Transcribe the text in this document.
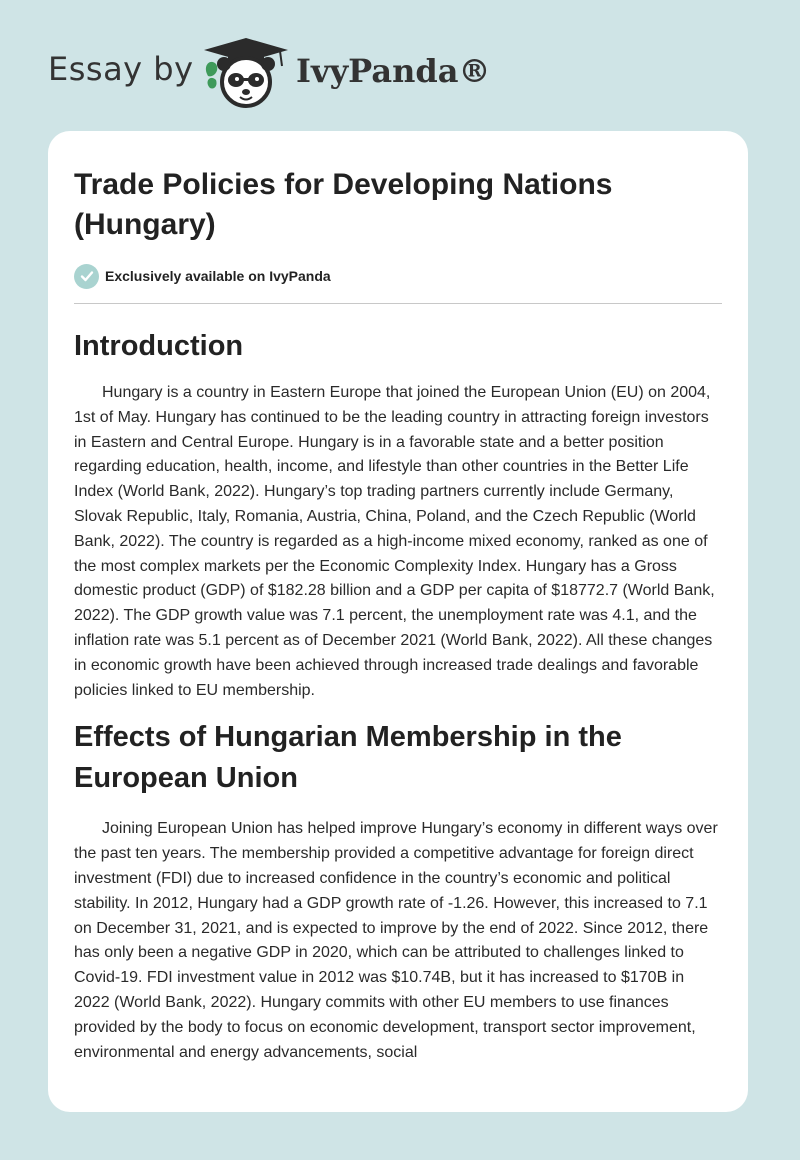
Essay by	IvyPanda®
Trade Policies for Developing Nations (Hungary)
Exclusively available on IvyPanda
Introduction

Hungary is a country in Eastern Europe that joined the European Union (EU) on 2004, 1st of May. Hungary has continued to be the leading country in attracting foreign investors in Eastern and Central Europe. Hungary is in a favorable state and a better position regarding education, health, income, and lifestyle than other countries in the Better Life Index (World Bank, 2022). Hungary’s top trading partners currently include Germany, Slovak Republic, Italy, Romania, Austria, China, Poland, and the Czech Republic (World Bank, 2022). The country is regarded as a high-income mixed economy, ranked as one of the most complex markets per the Economic Complexity Index. Hungary has a Gross domestic product (GDP) of $182.28 billion and a GDP per capita of $18772.7 (World Bank, 2022). The GDP growth value was 7.1 percent, the unemployment rate was 4.1, and the inflation rate was 5.1 percent as of December 2021 (World Bank, 2022). All these changes in economic growth have been achieved through increased trade dealings and favorable policies linked to EU membership.

Effects of Hungarian Membership in the European Union

Joining European Union has helped improve Hungary’s economy in different ways over the past ten years. The membership provided a competitive advantage for foreign direct investment (FDI) due to increased confidence in the country’s economic and political stability. In 2012, Hungary had a GDP growth rate of -1.26. However, this increased to 7.1 on December 31, 2021, and is expected to improve by the end of 2022. Since 2012, there has only been a negative GDP in 2020, which can be attributed to challenges linked to Covid-19. FDI investment value in 2012 was $10.74B, but it has increased to $170B in 2022 (World Bank, 2022). Hungary commits with other EU members to use finances provided by the body to focus on economic development, transport sector improvement, environmental and energy advancements, social
